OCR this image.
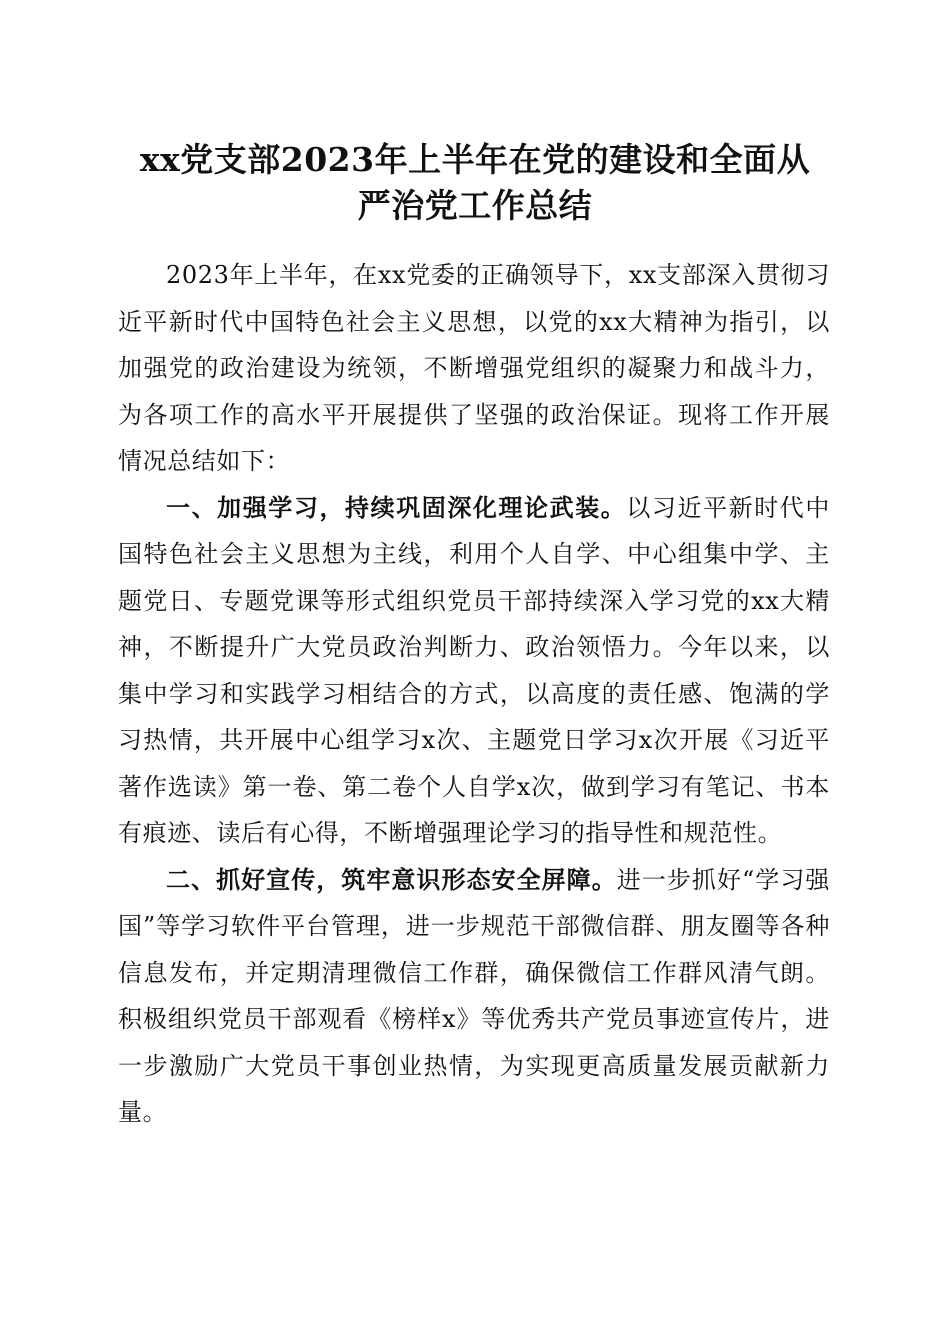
xx党支部2023年上半年在党的建设和全面从
严治党工作总结

2023年上半年，在xx党委的正确领导下，xx支部深入贯彻习近平新时代中国特色社会主义思想，以党的xx大精神为指引，以加强党的政治建设为统领，不断增强党组织的凝聚力和战斗力，为各项工作的高水平开展提供了坚强的政治保证。现将工作开展情况总结如下：

一、加强学习，持续巩固深化理论武装。以习近平新时代中国特色社会主义思想为主线，利用个人自学、中心组集中学、主题党日、专题党课等形式组织党员干部持续深入学习党的xx大精神，不断提升广大党员政治判断力、政治领悟力。今年以来，以集中学习和实践学习相结合的方式，以高度的责任感、饱满的学习热情，共开展中心组学习x次、主题党日学习x次开展《习近平著作选读》第一卷、第二卷个人自学x次，做到学习有笔记、书本有痕迹、读后有心得，不断增强理论学习的指导性和规范性。

二、抓好宣传，筑牢意识形态安全屏障。进一步抓好“学习强国”等学习软件平台管理，进一步规范干部微信群、朋友圈等各种信息发布，并定期清理微信工作群，确保微信工作群风清气朗。积极组织党员干部观看《榜样x》等优秀共产党员事迹宣传片，进一步激励广大党员干事创业热情，为实现更高质量发展贡献新力量。
